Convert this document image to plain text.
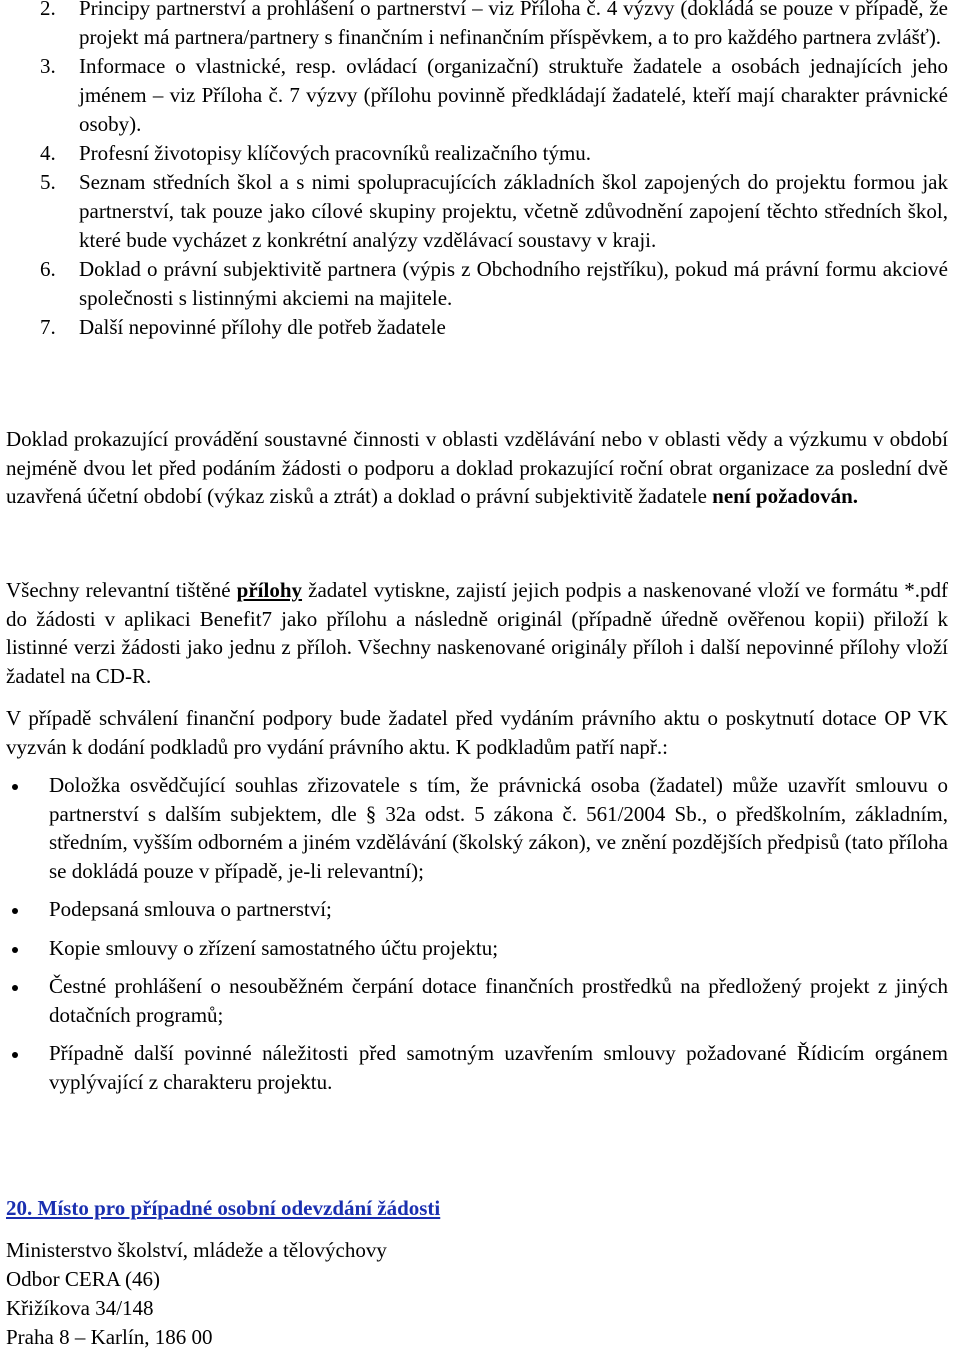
2. Principy partnerství a prohlášení o partnerství – viz Příloha č. 4 výzvy (dokládá se pouze v případě, že projekt má partnera/partnery s finančním i nefinančním příspěvkem, a to pro každého partnera zvlášť).
3. Informace o vlastnické, resp. ovládací (organizační) struktuře žadatele a osobách jednajících jeho jménem – viz Příloha č. 7 výzvy (přílohu povinně předkládají žadatelé, kteří mají charakter právnické osoby).
4. Profesní životopisy klíčových pracovníků realizačního týmu.
5. Seznam středních škol a s nimi spolupracujících základních škol zapojených do projektu formou jak partnerství, tak pouze jako cílové skupiny projektu, včetně zdůvodnění zapojení těchto středních škol, které bude vycházet z konkrétní analýzy vzdělávací soustavy v kraji.
6. Doklad o právní subjektivitě partnera (výpis z Obchodního rejstříku), pokud má právní formu akciové společnosti s listinnými akciemi na majitele.
7. Další nepovinné přílohy dle potřeb žadatele
Doklad prokazující provádění soustavné činnosti v oblasti vzdělávání nebo v oblasti vědy a výzkumu v období nejméně dvou let před podáním žádosti o podporu a doklad prokazující roční obrat organizace za poslední dvě uzavřená účetní období (výkaz zisků a ztrát) a doklad o právní subjektivitě žadatele není požadován.
Všechny relevantní tištěné přílohy žadatel vytiskne, zajistí jejich podpis a naskenované vloží ve formátu *.pdf do žádosti v aplikaci Benefit7 jako přílohu a následně originál (případně úředně ověřenou kopii) přiloží k listinné verzi žádosti jako jednu z příloh. Všechny naskenované originály příloh i další nepovinné přílohy vloží žadatel na CD-R.
V případě schválení finanční podpory bude žadatel před vydáním právního aktu o poskytnutí dotace OP VK vyzván k dodání podkladů pro vydání právního aktu. K podkladům patří např.:
Doložka osvědčující souhlas zřizovatele s tím, že právnická osoba (žadatel) může uzavřít smlouvu o partnerství s dalším subjektem, dle § 32a odst. 5 zákona č. 561/2004 Sb., o předškolním, základním, středním, vyšším odborném a jiném vzdělávání (školský zákon), ve znění pozdějších předpisů (tato příloha se dokládá pouze v případě, je-li relevantní);
Podepsaná smlouva o partnerství;
Kopie smlouvy o zřízení samostatného účtu projektu;
Čestné prohlášení o nesouběžném čerpání dotace finančních prostředků na předložený projekt z jiných dotačních programů;
Případně další povinné náležitosti před samotným uzavřením smlouvy požadované Řídicím orgánem vyplývající z charakteru projektu.
20. Místo pro případné osobní odevzdání žádosti
Ministerstvo školství, mládeže a tělovýchovy
Odbor CERA (46)
Křižíkova 34/148
Praha 8 – Karlín, 186 00
